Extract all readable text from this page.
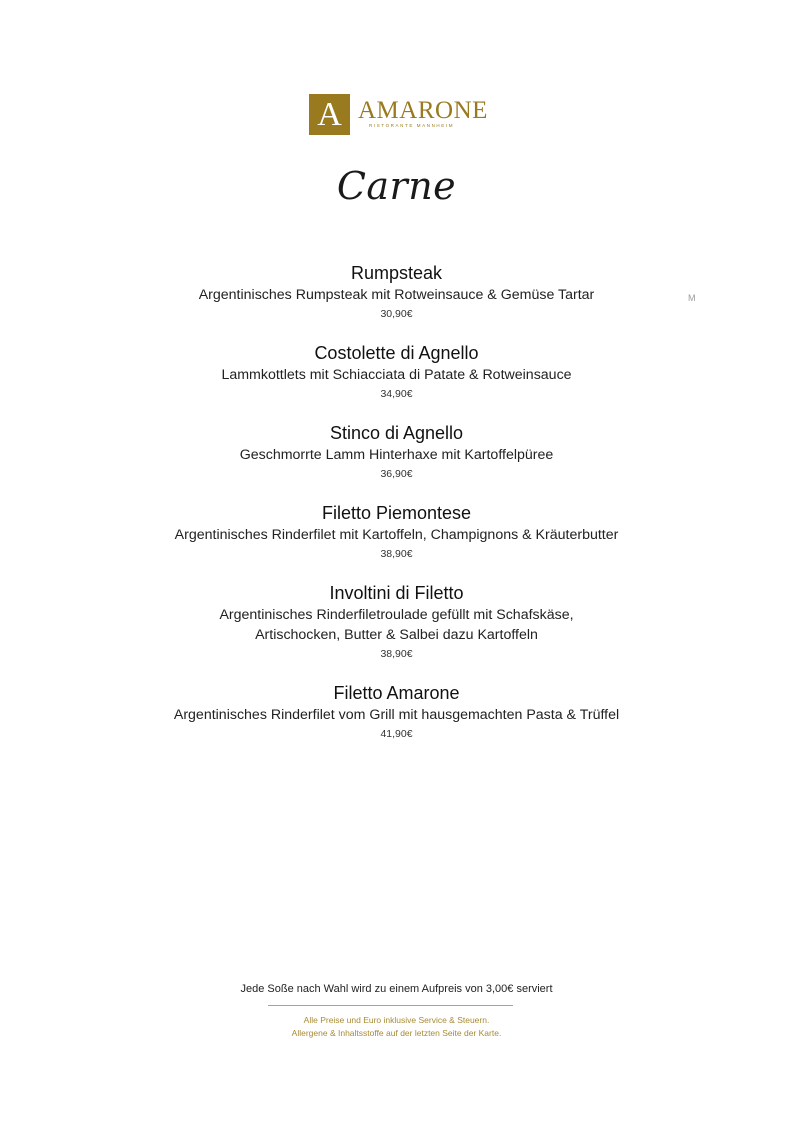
A AMARONE
RISTORANTE MANNHEIM
Carne
Rumpsteak
Argentinisches Rumpsteak mit Rotweinsauce & Gemüse Tartar
30,90€
M
Costolette di Agnello
Lammkottlets mit Schiacciata di Patate & Rotweinsauce
34,90€
Stinco di Agnello
Geschmorrte Lamm Hinterhaxe mit Kartoffelpüree
36,90€
Filetto Piemontese
Argentinisches Rinderfilet mit Kartoffeln, Champignons & Kräuterbutter
38,90€
Involtini di Filetto
Argentinisches Rinderfiletroulade gefüllt mit Schafskäse,
Artischocken, Butter & Salbei dazu Kartoffeln
38,90€
Filetto Amarone
Argentinisches Rinderfilet vom Grill mit hausgemachten Pasta & Trüffel
41,90€
Jede Soße nach Wahl wird zu einem Aufpreis von 3,00€ serviert
Alle Preise und Euro inklusive Service & Steuern.
Allergene & Inhaltsstoffe auf der letzten Seite der Karte.
